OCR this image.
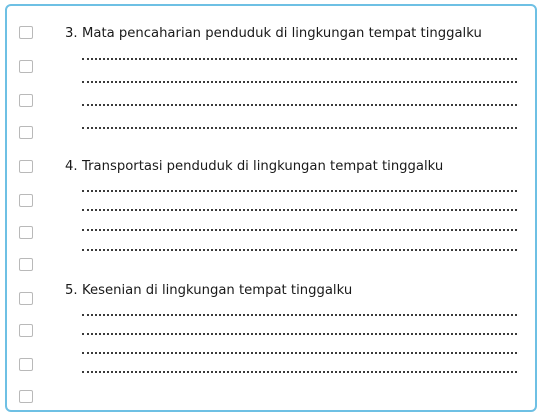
3. Mata pencaharian penduduk di lingkungan tempat tinggalku
4. Transportasi penduduk di lingkungan tempat tinggalku
5. Kesenian di lingkungan tempat tinggalku
